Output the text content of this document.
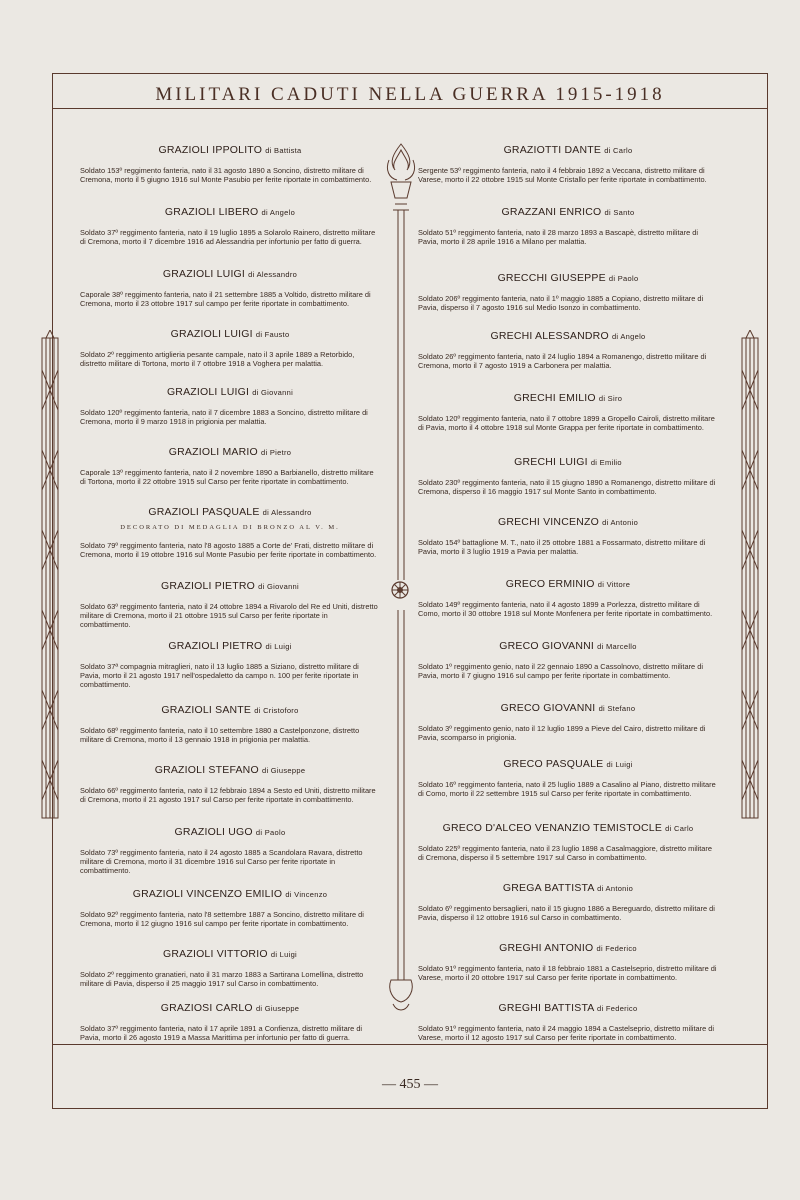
MILITARI CADUTI NELLA GUERRA 1915-1918
— 455 —
GRAZIOLI IPPOLITO di Battista
Soldato 153º reggimento fanteria, nato il 31 agosto 1890 a Soncino, distretto militare di Cremona, morto il 5 giugno 1916 sul Monte Pasubio per ferite riportate in combattimento.
GRAZIOLI LIBERO di Angelo
Soldato 37º reggimento fanteria, nato il 19 luglio 1895 a Solarolo Rainero, distretto militare di Cremona, morto il 7 dicembre 1916 ad Alessandria per infortunio per fatto di guerra.
GRAZIOLI LUIGI di Alessandro
Caporale 38º reggimento fanteria, nato il 21 settembre 1885 a Voltido, distretto militare di Cremona, morto il 23 ottobre 1917 sul campo per ferite riportate in combattimento.
GRAZIOLI LUIGI di Fausto
Soldato 2º reggimento artiglieria pesante campale, nato il 3 aprile 1889 a Retorbido, distretto militare di Tortona, morto il 7 ottobre 1918 a Voghera per malattia.
GRAZIOLI LUIGI di Giovanni
Soldato 120º reggimento fanteria, nato il 7 dicembre 1883 a Soncino, distretto militare di Cremona, morto il 9 marzo 1918 in prigionia per malattia.
GRAZIOLI MARIO di Pietro
Caporale 13º reggimento fanteria, nato il 2 novembre 1890 a Barbianello, distretto militare di Tortona, morto il 22 ottobre 1915 sul Carso per ferite riportate in combattimento.
GRAZIOLI PASQUALE di Alessandro
DECORATO DI MEDAGLIA DI BRONZO AL V. M.
Soldato 79º reggimento fanteria, nato l'8 agosto 1885 a Corte de' Frati, distretto militare di Cremona, morto il 19 ottobre 1916 sul Monte Pasubio per ferite riportate in combattimento.
GRAZIOLI PIETRO di Giovanni
Soldato 63º reggimento fanteria, nato il 24 ottobre 1894 a Rivarolo del Re ed Uniti, distretto militare di Cremona, morto il 21 ottobre 1915 sul Carso per ferite riportate in combattimento.
GRAZIOLI PIETRO di Luigi
Soldato 37ª compagnia mitraglieri, nato il 13 luglio 1885 a Siziano, distretto militare di Pavia, morto il 21 agosto 1917 nell'ospedaletto da campo n. 100 per ferite riportate in combattimento.
GRAZIOLI SANTE di Cristoforo
Soldato 68º reggimento fanteria, nato il 10 settembre 1880 a Castelponzone, distretto militare di Cremona, morto il 13 gennaio 1918 in prigionia per malattia.
GRAZIOLI STEFANO di Giuseppe
Soldato 66º reggimento fanteria, nato il 12 febbraio 1894 a Sesto ed Uniti, distretto militare di Cremona, morto il 21 agosto 1917 sul Carso per ferite riportate in combattimento.
GRAZIOLI UGO di Paolo
Soldato 73º reggimento fanteria, nato il 24 agosto 1885 a Scandolara Ravara, distretto militare di Cremona, morto il 31 dicembre 1916 sul Carso per ferite riportate in combattimento.
GRAZIOLI VINCENZO EMILIO di Vincenzo
Soldato 92º reggimento fanteria, nato l'8 settembre 1887 a Soncino, distretto militare di Cremona, morto il 12 giugno 1916 sul campo per ferite riportate in combattimento.
GRAZIOLI VITTORIO di Luigi
Soldato 2º reggimento granatieri, nato il 31 marzo 1883 a Sartirana Lomellina, distretto militare di Pavia, disperso il 25 maggio 1917 sul Carso in combattimento.
GRAZIOSI CARLO di Giuseppe
Soldato 37º reggimento fanteria, nato il 17 aprile 1891 a Confienza, distretto militare di Pavia, morto il 26 agosto 1919 a Massa Marittima per infortunio per fatto di guerra.
GRAZIOTTI DANTE di Carlo
Sergente 53º reggimento fanteria, nato il 4 febbraio 1892 a Veccana, distretto militare di Varese, morto il 22 ottobre 1915 sul Monte Cristallo per ferite riportate in combattimento.
GRAZZANI ENRICO di Santo
Soldato 51º reggimento fanteria, nato il 28 marzo 1893 a Bascapè, distretto militare di Pavia, morto il 28 aprile 1916 a Milano per malattia.
GRECCHI GIUSEPPE di Paolo
Soldato 206º reggimento fanteria, nato il 1º maggio 1885 a Copiano, distretto militare di Pavia, disperso il 7 agosto 1916 sul Medio Isonzo in combattimento.
GRECHI ALESSANDRO di Angelo
Soldato 26º reggimento fanteria, nato il 24 luglio 1894 a Romanengo, distretto militare di Cremona, morto il 7 agosto 1919 a Carbonera per malattia.
GRECHI EMILIO di Siro
Soldato 120º reggimento fanteria, nato il 7 ottobre 1899 a Gropello Cairoli, distretto militare di Pavia, morto il 4 ottobre 1918 sul Monte Grappa per ferite riportate in combattimento.
GRECHI LUIGI di Emilio
Soldato 230º reggimento fanteria, nato il 15 giugno 1890 a Romanengo, distretto militare di Cremona, disperso il 16 maggio 1917 sul Monte Santo in combattimento.
GRECHI VINCENZO di Antonio
Soldato 154º battaglione M. T., nato il 25 ottobre 1881 a Fossarmato, distretto militare di Pavia, morto il 3 luglio 1919 a Pavia per malattia.
GRECO ERMINIO di Vittore
Soldato 149º reggimento fanteria, nato il 4 agosto 1899 a Porlezza, distretto militare di Como, morto il 30 ottobre 1918 sul Monte Monfenera per ferite riportate in combattimento.
GRECO GIOVANNI di Marcello
Soldato 1º reggimento genio, nato il 22 gennaio 1890 a Cassolnovo, distretto militare di Pavia, morto il 7 giugno 1916 sul campo per ferite riportate in combattimento.
GRECO GIOVANNI di Stefano
Soldato 3º reggimento genio, nato il 12 luglio 1899 a Pieve del Cairo, distretto militare di Pavia, scomparso in prigionia.
GRECO PASQUALE di Luigi
Soldato 16º reggimento fanteria, nato il 25 luglio 1889 a Casalino al Piano, distretto militare di Como, morto il 22 settembre 1915 sul Carso per ferite riportate in combattimento.
GRECO D'ALCEO VENANZIO TEMISTOCLE di Carlo
Soldato 225º reggimento fanteria, nato il 23 luglio 1898 a Casalmaggiore, distretto militare di Cremona, disperso il 5 settembre 1917 sul Carso in combattimento.
GREGA BATTISTA di Antonio
Soldato 6º reggimento bersaglieri, nato il 15 giugno 1886 a Bereguardo, distretto militare di Pavia, disperso il 12 ottobre 1916 sul Carso in combattimento.
GREGHI ANTONIO di Federico
Soldato 91º reggimento fanteria, nato il 18 febbraio 1881 a Castelseprio, distretto militare di Varese, morto il 20 ottobre 1917 sul Carso per ferite riportate in combattimento.
GREGHI BATTISTA di Federico
Soldato 91º reggimento fanteria, nato il 24 maggio 1894 a Castelseprio, distretto militare di Varese, morto il 12 agosto 1917 sul Carso per ferite riportate in combattimento.
